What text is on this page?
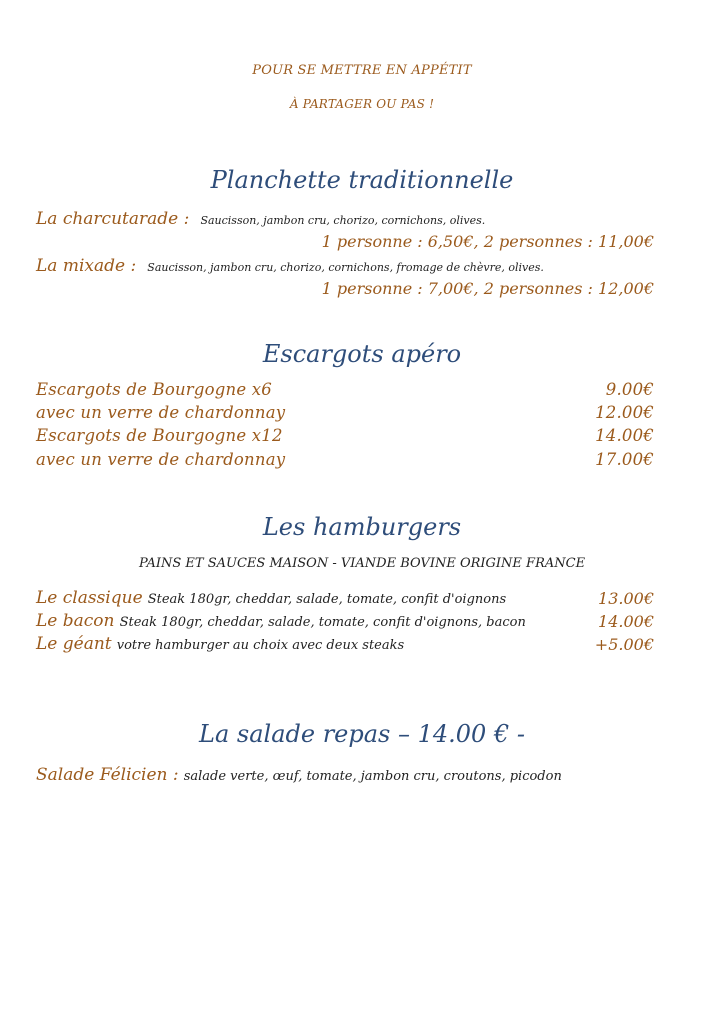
POUR SE METTRE EN APPÉTIT
À PARTAGER OU PAS !
Planchette traditionnelle
La charcutarade : Saucisson, jambon cru, chorizo, cornichons, olives.
1 personne : 6,50€, 2 personnes : 11,00€
La mixade : Saucisson, jambon cru, chorizo, cornichons, fromage de chèvre, olives.
1 personne : 7,00€, 2 personnes : 12,00€
Escargots apéro
Escargots de Bourgogne x6	9.00€
avec un verre de chardonnay	12.00€
Escargots de Bourgogne x12	14.00€
avec un verre de chardonnay	17.00€
Les hamburgers
PAINS ET SAUCES MAISON - VIANDE BOVINE ORIGINE FRANCE
Le classique Steak 180gr, cheddar, salade, tomate, confit d'oignons	13.00€
Le bacon Steak 180gr, cheddar, salade, tomate, confit d'oignons, bacon	14.00€
Le géant votre hamburger au choix avec deux steaks	+5.00€
La salade repas – 14.00 € -
Salade Félicien : salade verte, œuf, tomate, jambon cru, croutons, picodon
